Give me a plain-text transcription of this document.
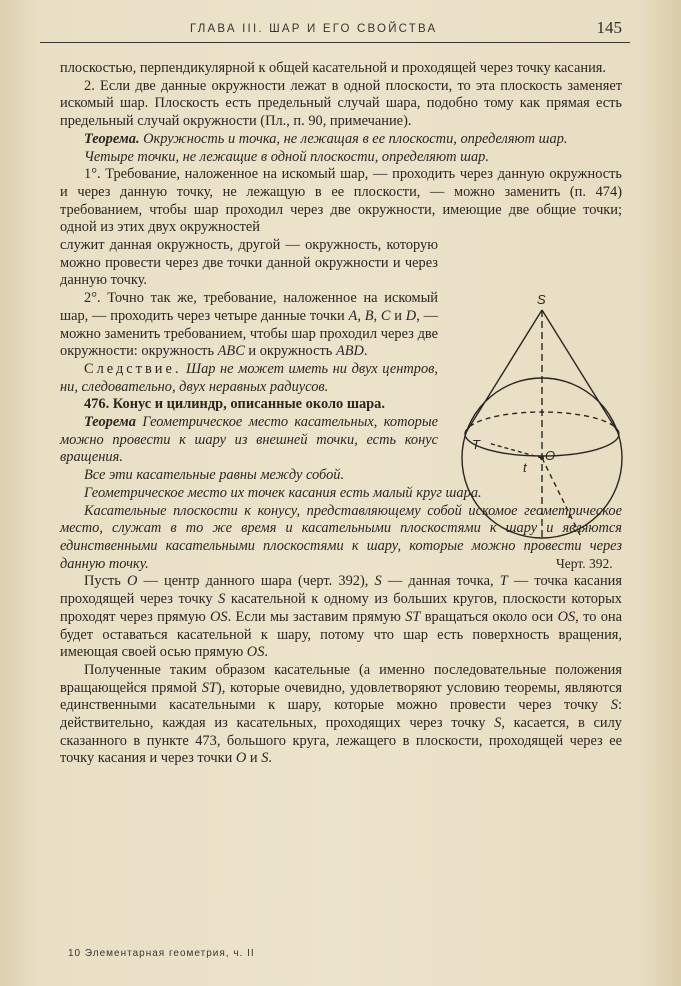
ГЛАВА III. ШАР И ЕГО СВОЙСТВА	145

плоскостью, перпендикулярной к общей касательной и проходящей через точку касания.

2. Если две данные окружности лежат в одной плоскости, то эта плоскость заменяет искомый шар. Плоскость есть предельный случай шара, подобно тому как прямая есть предельный случай окружности (Пл., п. 90, примечание).

Теорема. Окружность и точка, не лежащая в ее плоскости, определяют шар.

Четыре точки, не лежащие в одной плоскости, определяют шар.

1°. Требование, наложенное на искомый шар, — проходить через данную окружность и через данную точку, не лежащую в ее плоскости, — можно заменить (п. 474) требованием, чтобы шар проходил через две окружности, имеющие две общие точки; одной из этих двух окружностей

служит данная окружность, другой — окружность, которую можно провести через две точки данной окружности и через данную точку.

2°. Точно так же, требование, наложенное на искомый шар, — проходить через четыре данные точки A, B, C и D, — можно заменить требованием, чтобы шар проходил через две окружности: окружность ABC и окружность ABD.

Следствие. Шар не может иметь ни двух центров, ни, следовательно, двух неравных радиусов.

476. Конус и цилиндр, описанные около шара.

Теорема Геометрическое место касательных, которые можно провести к шару из внешней точки, есть конус вращения.

Все эти касательные равны между собой.

Геометрическое место их точек касания есть малый круг шара.

Касательные плоскости к конусу, представляющему собой искомое геометрическое место, служат в то же время и касательными плоскостями к шару и являются единственными касательными плоскостями к шару, которые можно провести через данную точку.

Пусть O — центр данного шара (черт. 392), S — данная точка, T — точка касания проходящей через точку S касательной к одному из больших кругов, плоскости которых проходят через прямую OS. Если мы заставим прямую ST вращаться около оси OS, то она будет оставаться касательной к шару, потому что шар есть поверхность вращения, имеющая своей осью прямую OS.

Полученные таким образом касательные (а именно последовательные положения вращающейся прямой ST), которые очевидно, удовлетворяют условию теоремы, являются единственными касательными к шару, которые можно провести через точку S: действительно, каждая из касательных, проходящих через точку S, касается, в силу сказанного в пункте 473, большого круга, лежащего в плоскости, проходящей через ее точку касания и через точки O и S.

S
T
t
O
Черт. 392.
10 Элементарная геометрия, ч. II
